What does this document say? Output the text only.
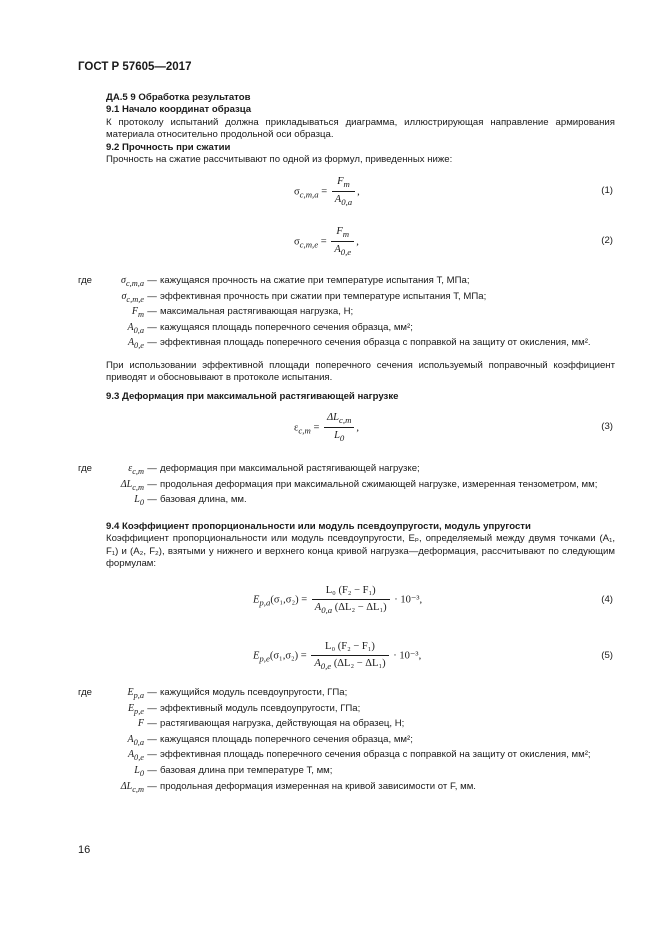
ГОСТ Р 57605—2017

ДА.5 9 Обработка результатов

9.1 Начало координат образца

К протоколу испытаний должна прикладываться диаграмма, иллюстрирующая направление армирования материала относительно продольной оси образца.

9.2 Прочность при сжатии

Прочность на сжатие рассчитывают по одной из формул, приведенных ниже:

$\sigma_{c,m,a} = \frac{F_m}{A_{0,a}}$ ,	(1)
$\sigma_{c,m,e} = \frac{F_m}{A_{0,e}}$ ,	(2)
где	$\sigma_{c,m,a}$ — кажущаяся прочность на сжатие при температуре испытания T, МПа;
$\sigma_{c,m,e}$ — эффективная прочность при сжатии при температуре испытания T, МПа;
$F_m$ — максимальная растягивающая нагрузка, Н;
$A_{0,a}$ — кажущаяся площадь поперечного сечения образца, мм²;
$A_{0,e}$ — эффективная площадь поперечного сечения образца с поправкой на защиту от окисления, мм².

При использовании эффективной площади поперечного сечения используемый поправочный коэффициент приводят и обосновывают в протоколе испытания.

9.3 Деформация при максимальной растягивающей нагрузке

$\varepsilon_{c,m} = \frac{\Delta L_{c,m}}{L_0}$ ,	(3)
где	$\varepsilon_{c,m}$ — деформация при максимальной растягивающей нагрузке;
$\Delta L_{c,m}$ — продольная деформация при максимальной сжимающей нагрузке, измеренная тензометром, мм;
$L_0$ — базовая длина, мм.

9.4 Коэффициент пропорциональности или модуль псевдоупругости, модуль упругости

Коэффициент пропорциональности или модуль псевдоупругости, Eₚ, определяемый между двумя точками (A₁, F₁) и (A₂, F₂), взятыми у нижнего и верхнего конца кривой нагрузка—деформация, рассчитывают по следующим формулам:

$E_{p,a}(\sigma_1,\sigma_2) = \frac{\text{L₀ (F₂ − F₁)}}{A_{0,a} (\Delta L_2 - \Delta L_1)} \cdot 10^{-3}$,	(4)
$E_{p,e}(\sigma_1,\sigma_2) = \frac{\text{L₀ (F₂ − F₁)}}{A_{0,e} (\Delta L_2 - \Delta L_1)} \cdot 10^{-3}$,	(5)
где	$E_{p,a}$ — кажущийся модуль псевдоупругости, ГПа;
$E_{p,e}$ — эффективный модуль псевдоупругости, ГПа;
F — растягивающая нагрузка, действующая на образец, Н;
$A_{0,a}$ — кажущаяся площадь поперечного сечения образца, мм²;
$A_{0,e}$ — эффективная площадь поперечного сечения образца с поправкой на защиту от окисления, мм²;
$L_0$ — базовая длина при температуре T, мм;
$\Delta L_{c,m}$ — продольная деформация измеренная на кривой зависимости от F, мм.
16
